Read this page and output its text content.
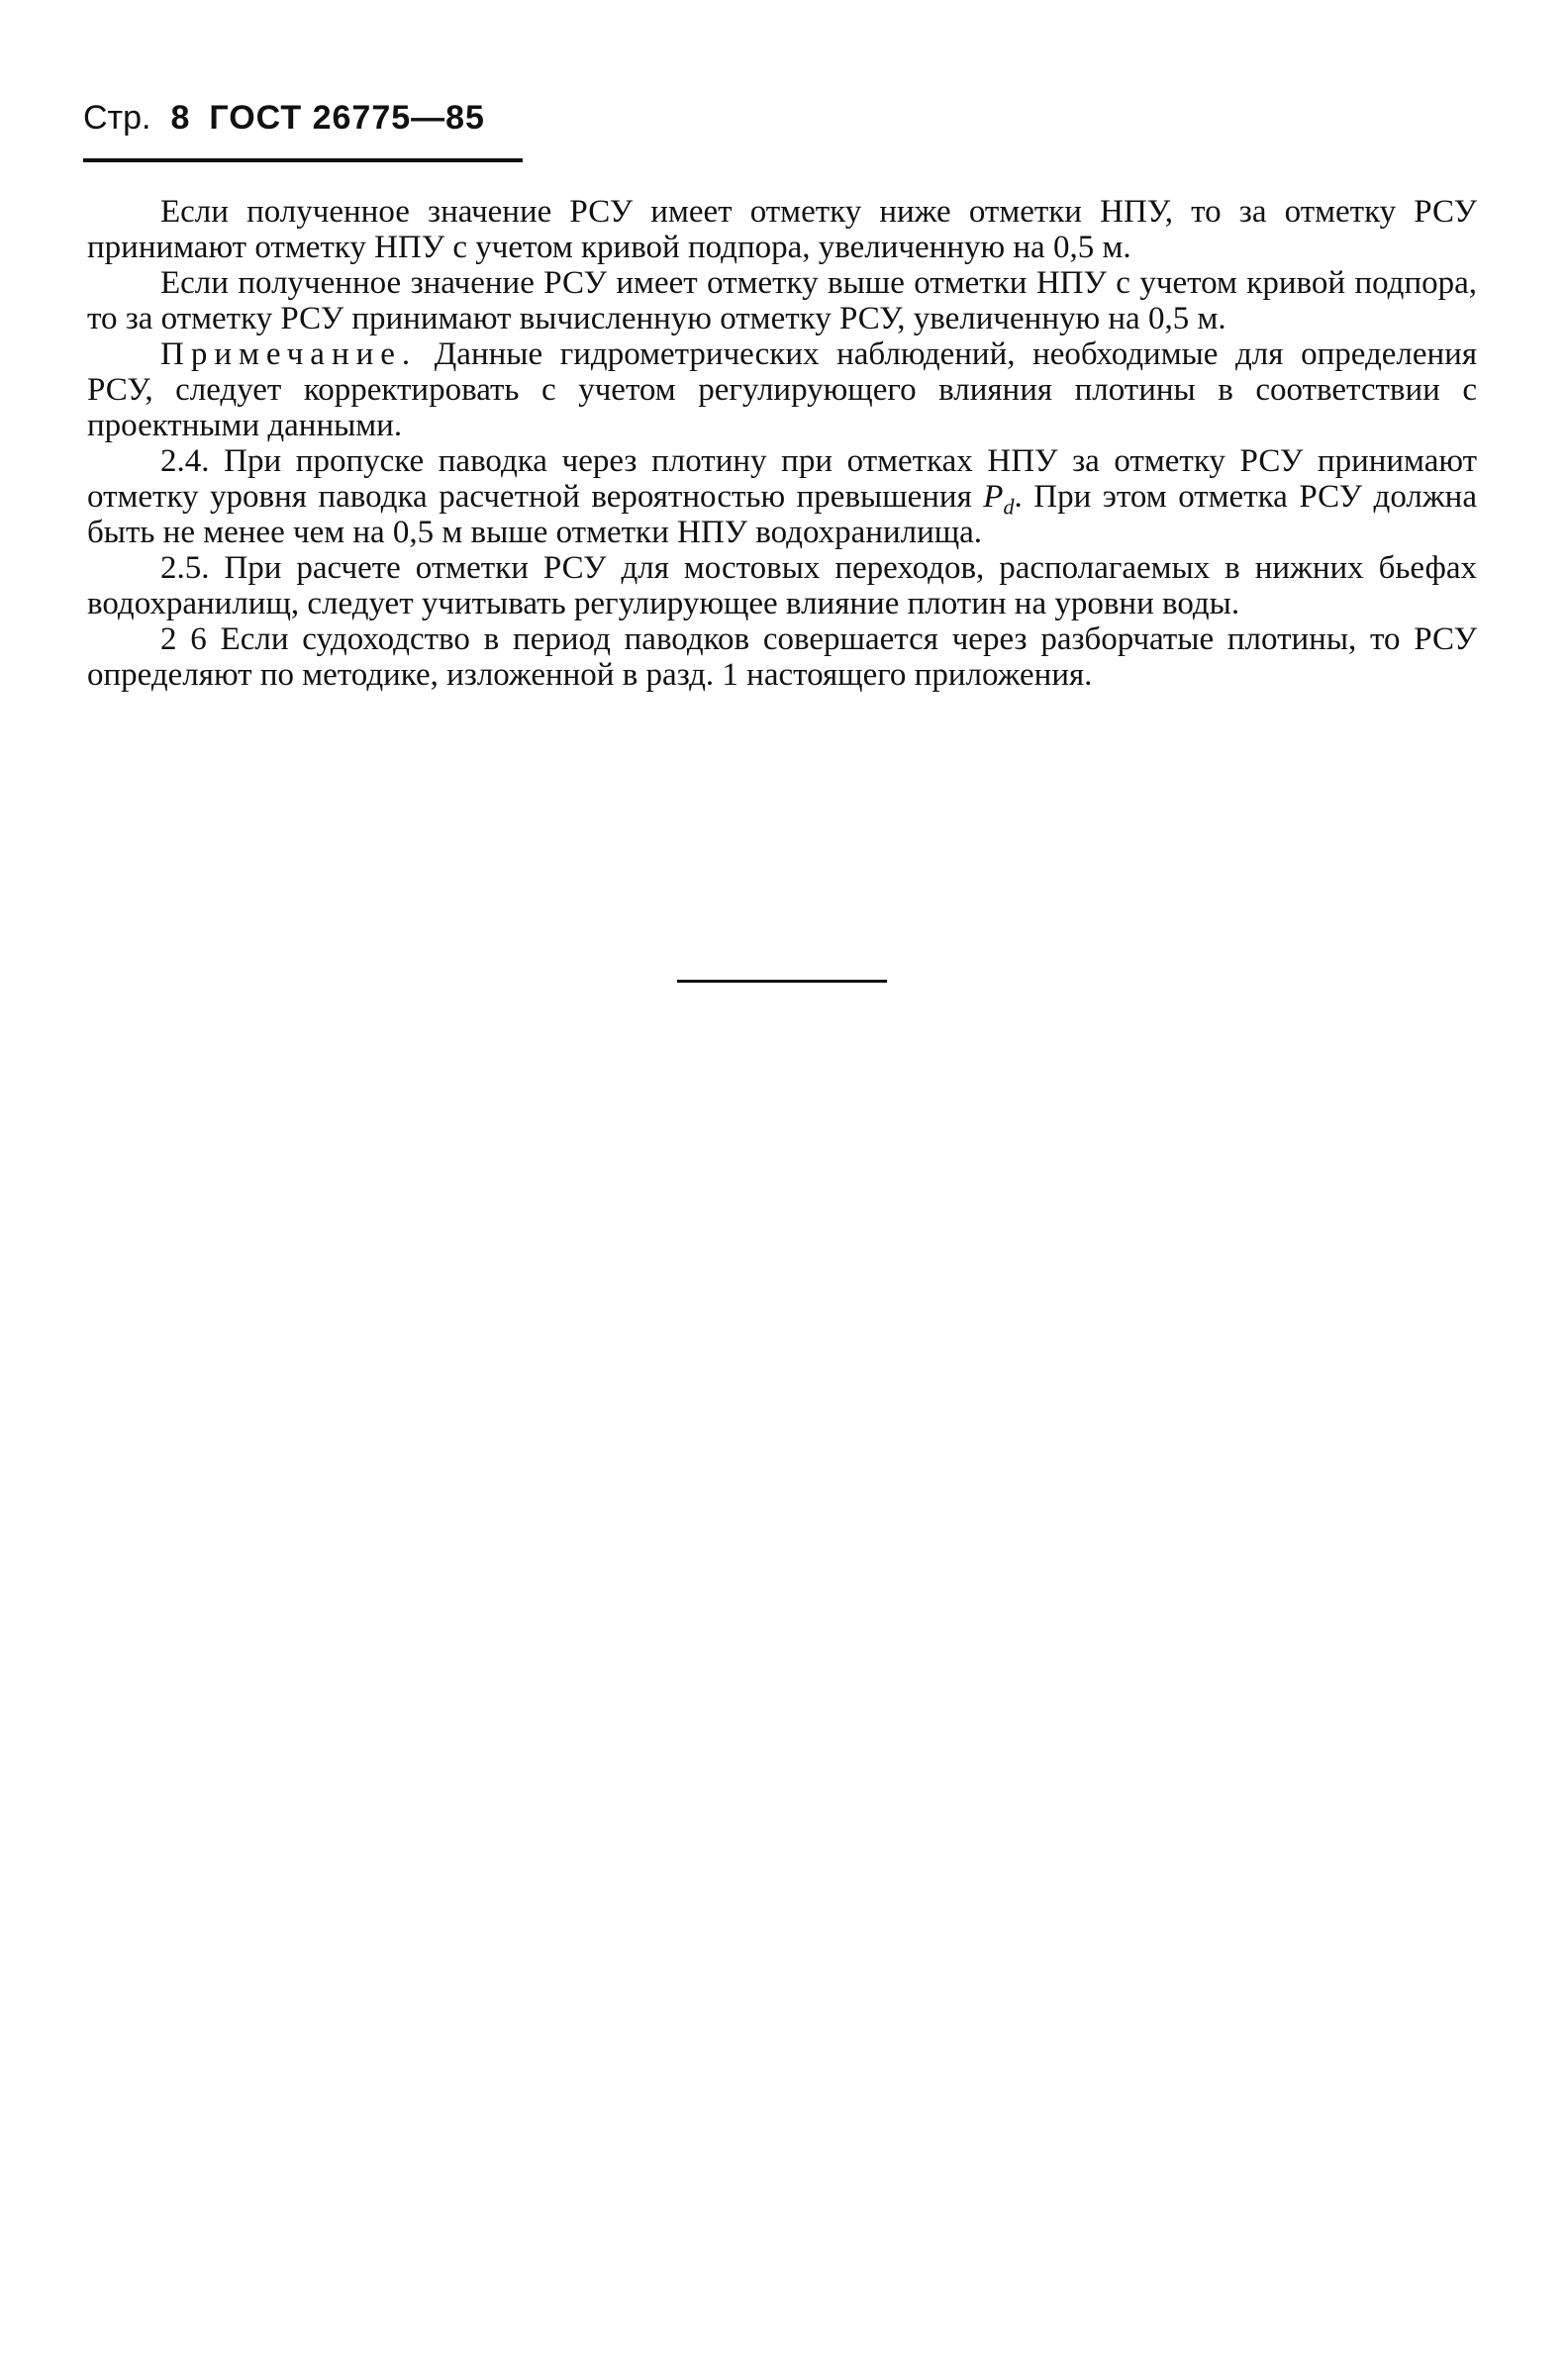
Стр. 8 ГОСТ 26775—85

Если полученное значение РСУ имеет отметку ниже отметки НПУ, то за отметку РСУ принимают отметку НПУ с учетом кривой подпора, увеличенную на 0,5 м.

Если полученное значение РСУ имеет отметку выше отметки НПУ с учетом кривой подпора, то за отметку РСУ принимают вычисленную отметку РСУ, увеличенную на 0,5 м.

Примечание. Данные гидрометрических наблюдений, необходимые для определения РСУ, следует корректировать с учетом регулирующего влияния плотины в соответствии с проектными данными.

2.4. При пропуске паводка через плотину при отметках НПУ за отметку РСУ принимают отметку уровня паводка расчетной вероятностью превышения $P_d$. При этом отметка РСУ должна быть не менее чем на 0,5 м выше отметки НПУ водохранилища.

2.5. При расчете отметки РСУ для мостовых переходов, располагаемых в нижних бьефах водохранилищ, следует учитывать регулирующее влияние плотин на уровни воды.

2 6 Если судоходство в период паводков совершается через разборчатые плотины, то РСУ определяют по методике, изложенной в разд. 1 настоящего приложения.
